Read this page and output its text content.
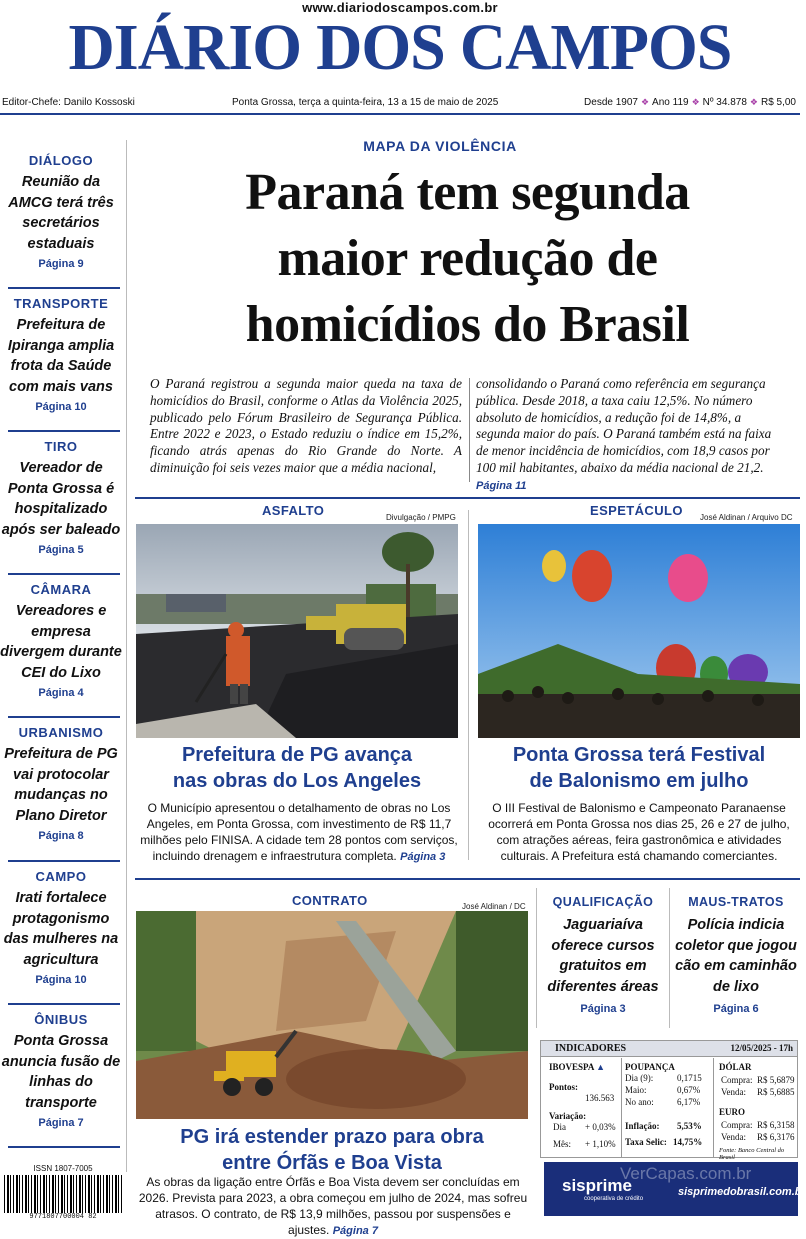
www.diariodoscampos.com.br
DIÁRIO DOS CAMPOS
Editor-Chefe: Danilo Kossoski	Ponta Grossa, terça a quinta-feira, 13 a 15 de maio de 2025	Desde 1907 ❖ Ano 119 ❖ Nº 34.878 ❖ R$ 5,00
DIÁLOGO
Reunião da AMCG terá três secretários estaduais
Página 9
TRANSPORTE
Prefeitura de Ipiranga amplia frota da Saúde com mais vans
Página 10
TIRO
Vereador de Ponta Grossa é hospitalizado após ser baleado
Página 5
CÂMARA
Vereadores e empresa divergem durante CEI do Lixo
Página 4
URBANISMO
Prefeitura de PG vai protocolar mudanças no Plano Diretor
Página 8
CAMPO
Irati fortalece protagonismo das mulheres na agricultura
Página 10
ÔNIBUS
Ponta Grossa anuncia fusão de linhas do transporte
Página 7
ISSN 1807-7005
9771807700004 82
MAPA DA VIOLÊNCIA
Paraná tem segunda
maior redução de
homicídios do Brasil
O Paraná registrou a segunda maior queda na taxa de homicídios do Brasil, conforme o Atlas da Violência 2025, publicado pelo Fórum Brasileiro de Segurança Pública. Entre 2022 e 2023, o Estado reduziu o índice em 15,2%, ficando atrás apenas do Rio Grande do Norte. A diminuição foi seis vezes maior que a média nacional,
consolidando o Paraná como referência em segurança pública. Desde 2018, a taxa caiu 12,5%. No número absoluto de homicídios, a redução foi de 14,8%, a segunda maior do país. O Paraná também está na faixa de menor incidência de homicídios, com 18,9 casos por 100 mil habitantes, abaixo da média nacional de 21,2. Página 11
ASFALTO	Divulgação / PMPG
Prefeitura de PG avança
nas obras do Los Angeles
O Município apresentou o detalhamento de obras no Los Angeles, em Ponta Grossa, com investimento de R$ 11,7 milhões pelo FINISA. A cidade tem 28 pontos com serviços, incluindo drenagem e infraestrutura completa. Página 3
ESPETÁCULO José Aldinan / Arquivo DC
Ponta Grossa terá Festival
de Balonismo em julho
O III Festival de Balonismo e Campeonato Paranaense ocorrerá em Ponta Grossa nos dias 25, 26 e 27 de julho, com atrações aéreas, feira gastronômica e atividades culturais. A Prefeitura está chamando comerciantes.
CONTRATO	José Aldinan / DC
PG irá estender prazo para obra
entre Órfãs e Boa Vista
As obras da ligação entre Órfãs e Boa Vista devem ser concluídas em 2026. Prevista para 2023, a obra começou em julho de 2024, mas sofreu atrasos. O contrato, de R$ 13,9 milhões, passou por suspensões e ajustes. Página 7
QUALIFICAÇÃO
Jaguariaíva oferece cursos gratuitos em diferentes áreas
Página 3
MAUS-TRATOS
Polícia indicia coletor que jogou cão em caminhão de lixo
Página 6
INDICADORES	12/05/2025 - 17h
IBOVESPA ▲
Pontos:
136.563
Variação:
Dia + 0,03%
Mês: + 1,10%
POUPANÇA
Dia (9):	0,1715
Maio:	0,67%
No ano:	6,17%
Inflação: 5,53%
Taxa Selic: 14,75%
DÓLAR
Compra: R$ 5,6879
Venda: R$ 5,6885
EURO
Compra: R$ 6,3158
Venda: R$ 6,3176
Fonte: Banco Central do Brasil
sisprime
cooperativa de crédito
sisprimedobrasil.com.br
VerCapas.com.br
